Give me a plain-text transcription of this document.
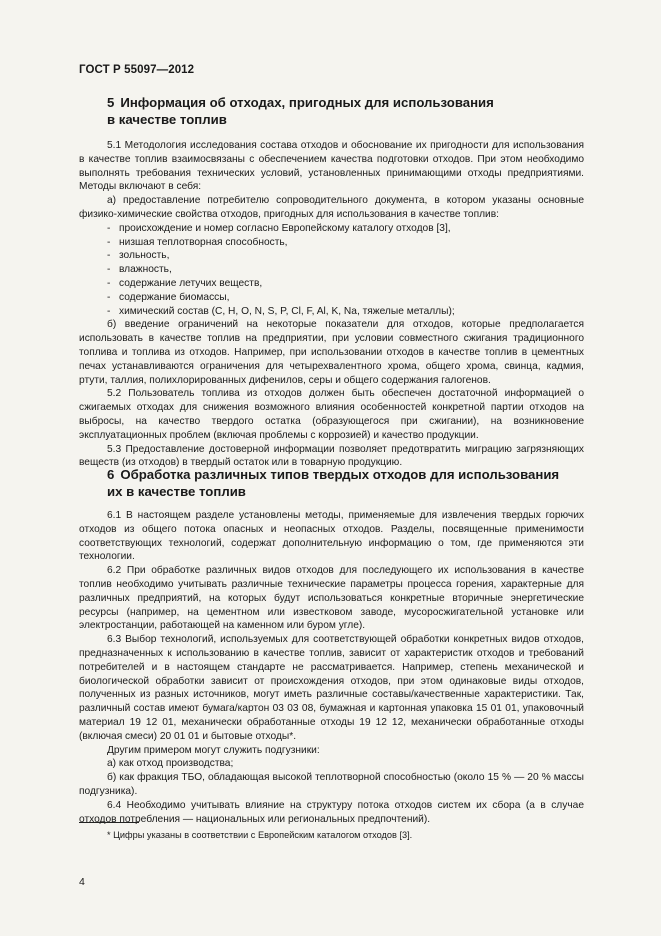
ГОСТ Р 55097—2012
5 Информация об отходах, пригодных для использования
в качестве топлив

5.1 Методология исследования состава отходов и обоснование их пригодности для использования в качестве топлив взаимосвязаны с обеспечением качества подготовки отходов. При этом необходимо выполнять требования технических условий, установленных принимающими отходы предприятиями. Методы включают в себя:

а) предоставление потребителю сопроводительного документа, в котором указаны основные физико-химические свойства отходов, пригодных для использования в качестве топлив:

- происхождение и номер согласно Европейскому каталогу отходов [3],
- низшая теплотворная способность,
- зольность,
- влажность,
- содержание летучих веществ,
- содержание биомассы,
- химический состав (C, H, O, N, S, P, Cl, F, Al, K, Na, тяжелые металлы);

б) введение ограничений на некоторые показатели для отходов, которые предполагается использовать в качестве топлив на предприятии, при условии совместного сжигания традиционного топлива и топлива из отходов. Например, при использовании отходов в качестве топлив в цементных печах устанавливаются ограничения для четырехвалентного хрома, общего хрома, свинца, кадмия, ртути, таллия, полихлорированных дифенилов, серы и общего содержания галогенов.

5.2 Пользователь топлива из отходов должен быть обеспечен достаточной информацией о сжигаемых отходах для снижения возможного влияния особенностей конкретной партии отходов на выбросы, на качество твердого остатка (образующегося при сжигании), на возникновение эксплуатационных проблем (включая проблемы с коррозией) и качество продукции.

5.3 Предоставление достоверной информации позволяет предотвратить миграцию загрязняющих веществ (из отходов) в твердый остаток или в товарную продукцию.

6 Обработка различных типов твердых отходов для использования
их в качестве топлив

6.1 В настоящем разделе установлены методы, применяемые для извлечения твердых горючих отходов из общего потока опасных и неопасных отходов. Разделы, посвященные применимости соответствующих технологий, содержат дополнительную информацию о том, где применяются эти технологии.

6.2 При обработке различных видов отходов для последующего их использования в качестве топлив необходимо учитывать различные технические параметры процесса горения, характерные для различных предприятий, на которых будут использоваться конкретные вторичные энергетические ресурсы (например, на цементном или известковом заводе, мусоросжигательной установке или электростанции, работающей на каменном или буром угле).

6.3 Выбор технологий, используемых для соответствующей обработки конкретных видов отходов, предназначенных к использованию в качестве топлив, зависит от характеристик отходов и требований потребителей и в настоящем стандарте не рассматривается. Например, степень механической и биологической обработки зависит от происхождения отходов, при этом одинаковые виды отходов, полученных из разных источников, могут иметь различные составы/качественные характеристики. Так, различный состав имеют бумага/картон 03 03 08, бумажная и картонная упаковка 15 01 01, упаковочный материал 19 12 01, механически обработанные отходы 19 12 12, механически обработанные отходы (включая смеси) 20 01 01 и бытовые отходы*.

Другим примером могут служить подгузники:

а) как отход производства;

б) как фракция ТБО, обладающая высокой теплотворной способностью (около 15 % — 20 % массы подгузника).

6.4 Необходимо учитывать влияние на структуру потока отходов систем их сбора (а в случае отходов потребления — национальных или региональных предпочтений).

* Цифры указаны в соответствии с Европейским каталогом отходов [3].
4
